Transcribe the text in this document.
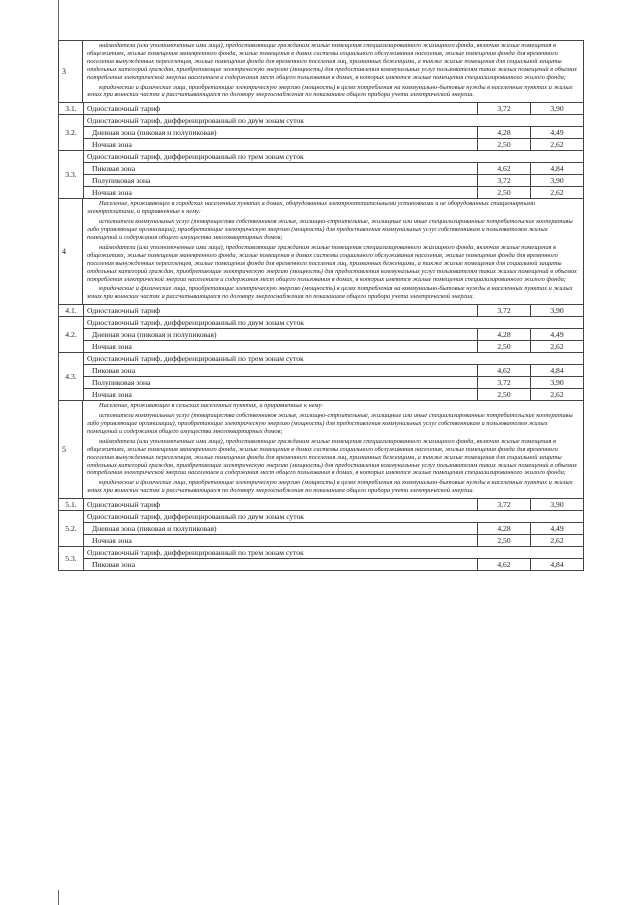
3

наймодатели (или уполномоченные ими лица), предоставляющие гражданам жилые помещения специализированного жилищного фонда, включая жилые помещения в общежитиях, жилые помещения маневренного фонда, жилые помещения в домах системы социального обслуживания населения, жилые помещения фонда для временного поселения вынужденных переселенцев, жилые помещения фонда для временного поселения лиц, признанных беженцами, а также жилые помещения для социальной защиты отдельных категорий граждан, приобретающие электрическую энергию (мощность) для предоставления коммунальных услуг пользователям таких жилых помещений в объемах потребления электрической энергии населением и содержания мест общего пользования в домах, в которых имеются жилые помещения специализированного жилого фонда;

юридические и физические лица, приобретающие электрическую энергию (мощность) в целях потребления на коммунально-бытовые нужды в населенных пунктах и жилых зонах при воинских частях и рассчитывающиеся по договору энергоснабжения по показаниям общего прибора учета электрической энергии.

3.1.	Одноставочный тариф	3,72	3,90
3.2.
Одноставочный тариф, дифференцированный по двум зонам суток
Дневная зона (пиковая и полупиковая)	4,28	4,49
Ночная зона	2,50	2,62
3.3.
Одноставочный тариф, дифференцированный по трем зонам суток
Пиковая зона	4,62	4,84
Полупиковая зона	3,72	3,90
Ночная зона	2,50	2,62
4

Население, проживающее в городских населенных пунктах в домах, оборудованных электроотопительными установками и не оборудованных стационарными электроплитами, и приравненные к нему:

исполнители коммунальных услуг (товарищества собственников жилья, жилищно-строительные, жилищные или иные специализированные потребительские кооперативы либо управляющие организации), приобретающие электрическую энергию (мощность) для предоставления коммунальных услуг собственникам и пользователям жилых помещений и содержания общего имущества многоквартирных домов;

наймодатели (или уполномоченные ими лица), предоставляющие гражданам жилые помещения специализированного жилищного фонда, включая жилые помещения в общежитиях, жилые помещения маневренного фонда, жилые помещения в домах системы социального обслуживания населения, жилые помещения фонда для временного поселения вынужденных переселенцев, жилые помещения фонда для временного поселения лиц, признанных беженцами, а также жилые помещения для социальной защиты отдельных категорий граждан, приобретающие электрическую энергию (мощность) для предоставления коммунальных услуг пользователям таких жилых помещений в объемах потребления электрической энергии населением и содержания мест общего пользования в домах, в которых имеются жилые помещения специализированного жилого фонда;

юридические и физические лица, приобретающие электрическую энергию (мощность) в целях потребления на коммунально-бытовые нужды в населенных пунктах и жилых зонах при воинских частях и рассчитывающиеся по договору энергоснабжения по показаниям общего прибора учета электрической энергии.

4.1.	Одноставочный тариф	3,72	3,90
4.2.
Одноставочный тариф, дифференцированный по двум зонам суток
Дневная зона (пиковая и полупиковая)	4,28	4,49
Ночная зона	2,50	2,62
4.3.
Одноставочный тариф, дифференцированный по трем зонам суток
Пиковая зона	4,62	4,84
Полупиковая зона	3,72	3,90
Ночная зона	2,50	2,62
5

Население, проживающее в сельских населенных пунктах, и приравненные к нему:

исполнители коммунальных услуг (товарищества собственников жилья, жилищно-строительные, жилищные или иные специализированные потребительские кооперативы либо управляющие организации), приобретающие электрическую энергию (мощность) для предоставления коммунальных услуг собственникам и пользователям жилых помещений и содержания общего имущества многоквартирных домов;

наймодатели (или уполномоченные ими лица), предоставляющие гражданам жилые помещения специализированного жилищного фонда, включая жилые помещения в общежитиях, жилые помещения маневренного фонда, жилые помещения в домах системы социального обслуживания населения, жилые помещения фонда для временного поселения вынужденных переселенцев, жилые помещения фонда для временного поселения лиц, признанных беженцами, а также жилые помещения для социальной защиты отдельных категорий граждан, приобретающие электрическую энергию (мощность) для предоставления коммунальных услуг пользователям таких жилых помещений в объемах потребления электрической энергии населением и содержания мест общего пользования в домах, в которых имеются жилые помещения специализированного жилого фонда;

юридические и физические лица, приобретающие электрическую энергию (мощность) в целях потребления на коммунально-бытовые нужды в населенных пунктах и жилых зонах при воинских частях и рассчитывающиеся по договору энергоснабжения по показаниям общего прибора учета электрической энергии.

5.1.	Одноставочный тариф	3,72	3,90
5.2.
Одноставочный тариф, дифференцированный по двум зонам суток
Дневная зона (пиковая и полупиковая)	4,28	4,49
Ночная зона	2,50	2,62
5.3.
Одноставочный тариф, дифференцированный по трем зонам суток
Пиковая зона	4,62	4,84
